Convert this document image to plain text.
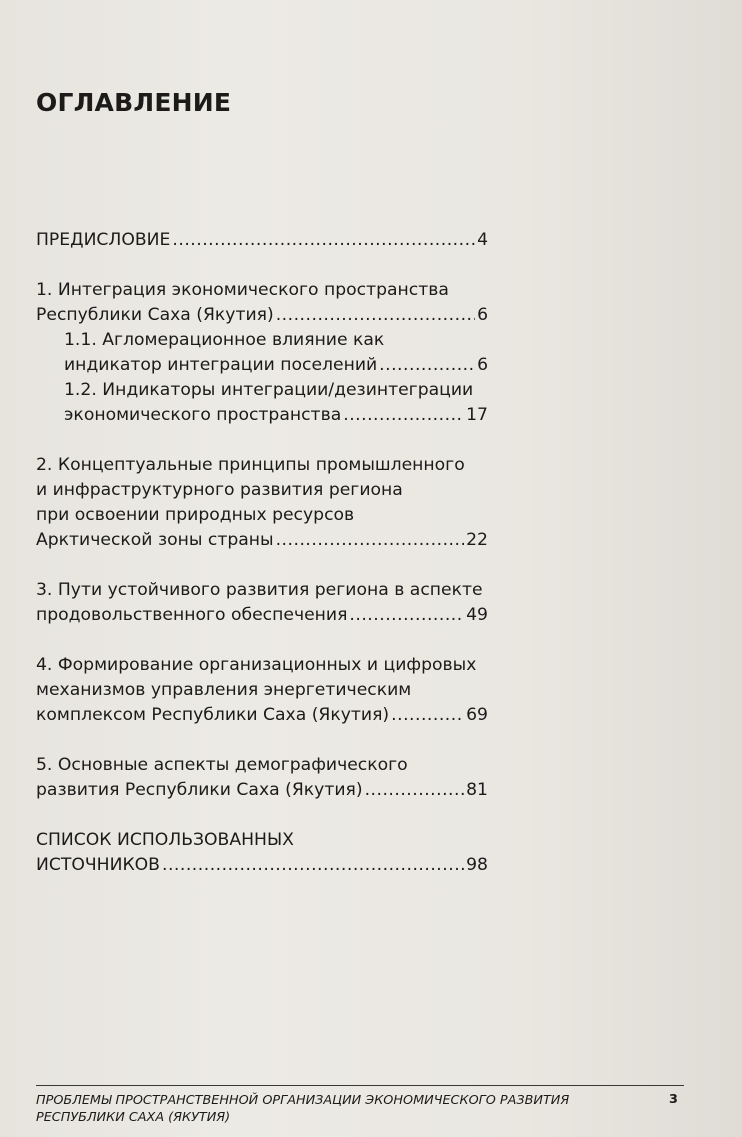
ОГЛАВЛЕНИЕ
ПРЕДИСЛОВИЕ .....	4
1. Интеграция экономического пространства
Республики Саха (Якутия) .....	6
1.1. Агломерационное влияние как
индикатор интеграции поселений .....	6
1.2. Индикаторы интеграции/дезинтеграции
экономического пространства .....	17
2. Концептуальные принципы промышленного
и инфраструктурного развития региона
при освоении природных ресурсов
Арктической зоны страны .....	22
3. Пути устойчивого развития региона в аспекте
продовольственного обеспечения .....	49
4. Формирование организационных и цифровых
механизмов управления энергетическим
комплексом Республики Саха (Якутия) .....	69
5. Основные аспекты демографического
развития Республики Саха (Якутия) .....	81
СПИСОК ИСПОЛЬЗОВАННЫХ
ИСТОЧНИКОВ .....	98
ПРОБЛЕМЫ ПРОСТРАНСТВЕННОЙ ОРГАНИЗАЦИИ ЭКОНОМИЧЕСКОГО РАЗВИТИЯ
РЕСПУБЛИКИ САХА (ЯКУТИЯ)
3
